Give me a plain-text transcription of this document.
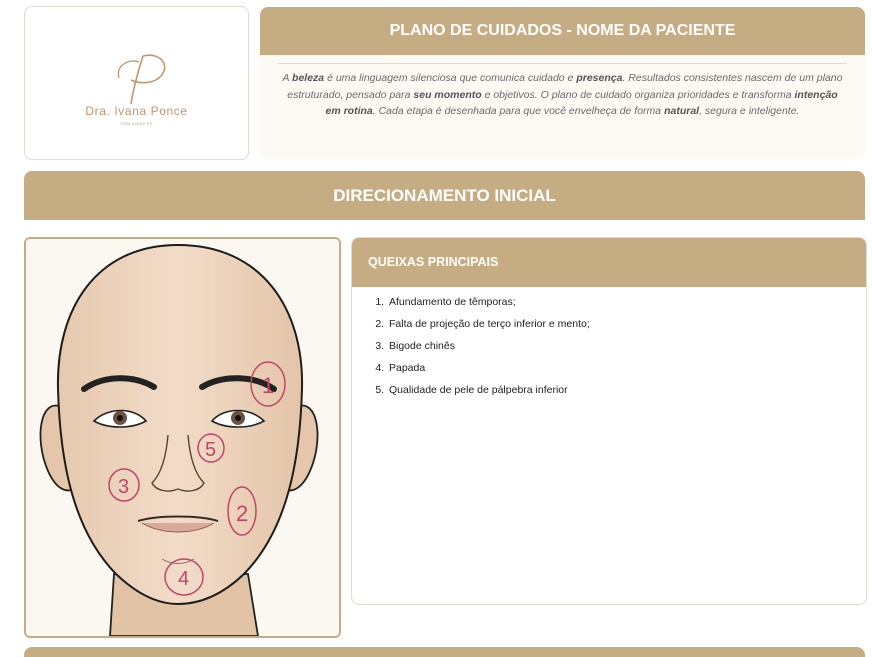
Dra. Ivana Ponce
CRM 46666 PE
PLANO DE CUIDADOS - NOME DA PACIENTE
A beleza é uma linguagem silenciosa que comunica cuidado e presença. Resultados consistentes nascem de um plano estruturado, pensado para seu momento e objetivos. O plano de cuidado organiza prioridades e transforma intenção em rotina. Cada etapa é desenhada para que você envelheça de forma natural, segura e inteligente.
DIRECIONAMENTO INICIAL
1
2
3
4
5
QUEIXAS PRINCIPAIS
1. Afundamento de têmporas;
2. Falta de projeção de terço inferior e mento;
3. Bigode chinês
4. Papada
5. Qualidade de pele de pálpebra inferior
